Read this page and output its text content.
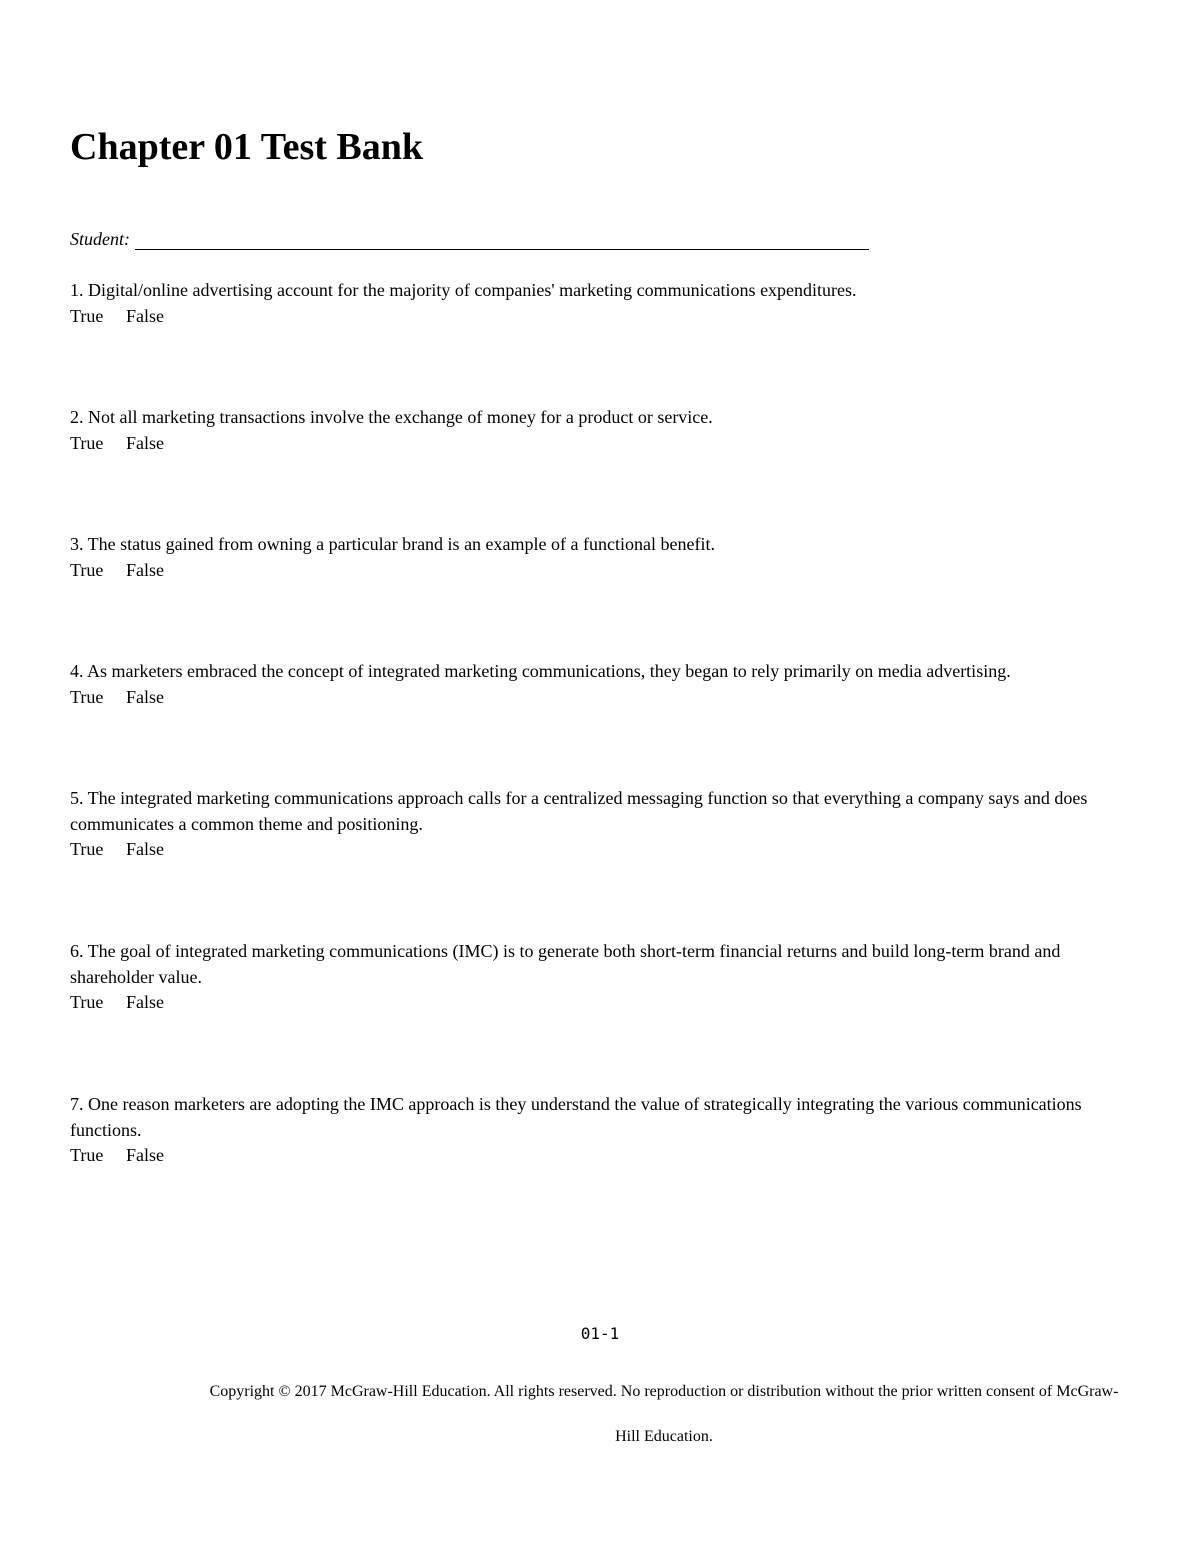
Chapter 01 Test Bank
Student:

1. Digital/online advertising account for the majority of companies' marketing communications expenditures.

True	False

2. Not all marketing transactions involve the exchange of money for a product or service.

True	False

3. The status gained from owning a particular brand is an example of a functional benefit.

True	False

4. As marketers embraced the concept of integrated marketing communications, they began to rely primarily on media advertising.

True	False

5. The integrated marketing communications approach calls for a centralized messaging function so that everything a company says and does communicates a common theme and positioning.

True	False

6. The goal of integrated marketing communications (IMC) is to generate both short-term financial returns and build long-term brand and shareholder value.

True	False

7. One reason marketers are adopting the IMC approach is they understand the value of strategically integrating the various communications functions.

True	False
01-1

Copyright © 2017 McGraw-Hill Education. All rights reserved. No reproduction or distribution without the prior written consent of McGraw-Hill Education.
